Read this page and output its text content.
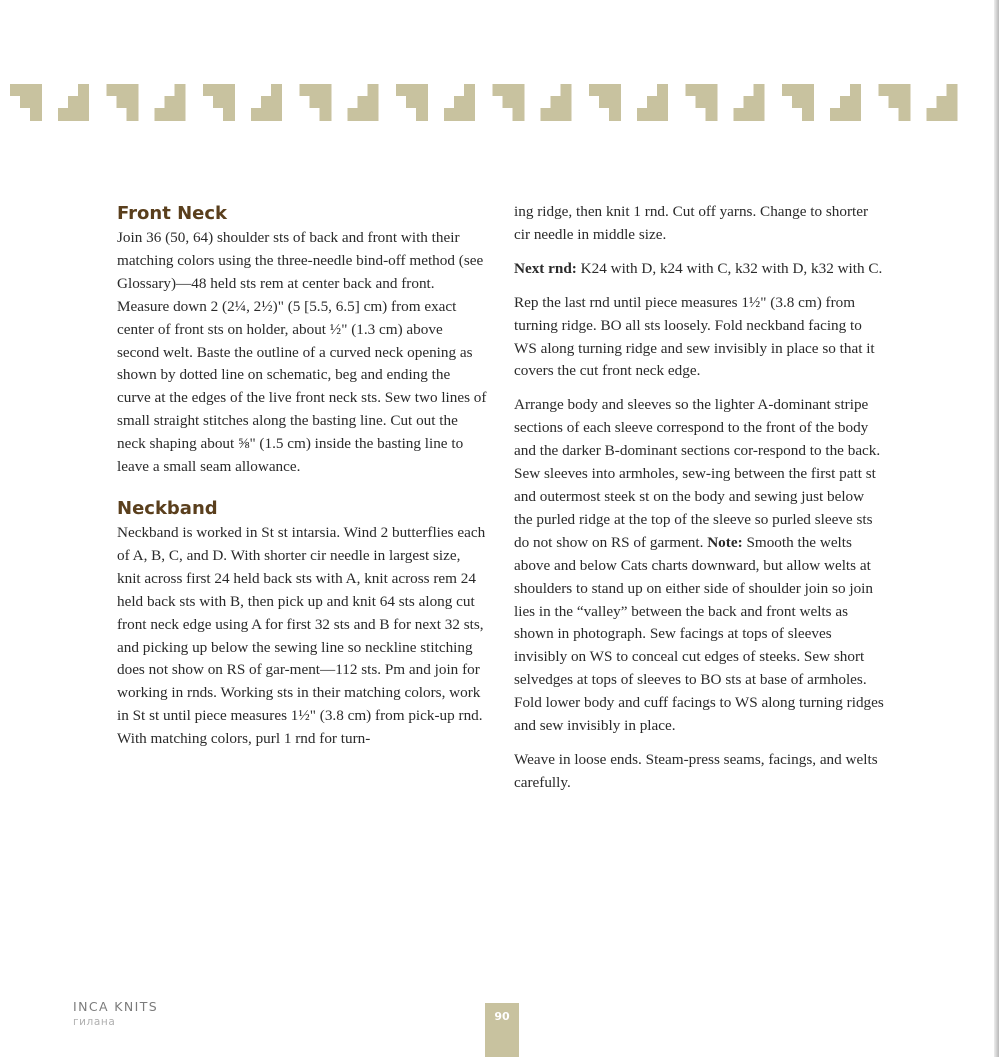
Front Neck

Join 36 (50, 64) shoulder sts of back and front with their matching colors using the three-needle bind-off method (see Glossary)—48 held sts rem at center back and front. Measure down 2 (2¼, 2½)" (5 [5.5, 6.5] cm) from exact center of front sts on holder, about ½" (1.3 cm) above second welt. Baste the outline of a curved neck opening as shown by dotted line on schematic, beg and ending the curve at the edges of the live front neck sts. Sew two lines of small straight stitches along the basting line. Cut out the neck shaping about ⅝" (1.5 cm) inside the basting line to leave a small seam allowance.

Neckband

Neckband is worked in St st intarsia. Wind 2 butterflies each of A, B, C, and D. With shorter cir needle in largest size, knit across first 24 held back sts with A, knit across rem 24 held back sts with B, then pick up and knit 64 sts along cut front neck edge using A for first 32 sts and B for next 32 sts, and picking up below the sewing line so neckline stitching does not show on RS of gar-ment—112 sts. Pm and join for working in rnds. Working sts in their matching colors, work in St st until piece measures 1½" (3.8 cm) from pick-up rnd. With matching colors, purl 1 rnd for turn-

ing ridge, then knit 1 rnd. Cut off yarns. Change to shorter cir needle in middle size.

Next rnd: K24 with D, k24 with C, k32 with D, k32 with C.

Rep the last rnd until piece measures 1½" (3.8 cm) from turning ridge. BO all sts loosely. Fold neckband facing to WS along turning ridge and sew invisibly in place so that it covers the cut front neck edge.

Arrange body and sleeves so the lighter A-dominant stripe sections of each sleeve correspond to the front of the body and the darker B-dominant sections cor-respond to the back. Sew sleeves into armholes, sew-ing between the first patt st and outermost steek st on the body and sewing just below the purled ridge at the top of the sleeve so purled sleeve sts do not show on RS of garment. Note: Smooth the welts above and below Cats charts downward, but allow welts at shoulders to stand up on either side of shoulder join so join lies in the “valley” between the back and front welts as shown in photograph. Sew facings at tops of sleeves invisibly on WS to conceal cut edges of steeks. Sew short selvedges at tops of sleeves to BO sts at base of armholes. Fold lower body and cuff facings to WS along turning ridges and sew invisibly in place.

Weave in loose ends. Steam-press seams, facings, and welts carefully.

INCA KNITS
гилана	90
